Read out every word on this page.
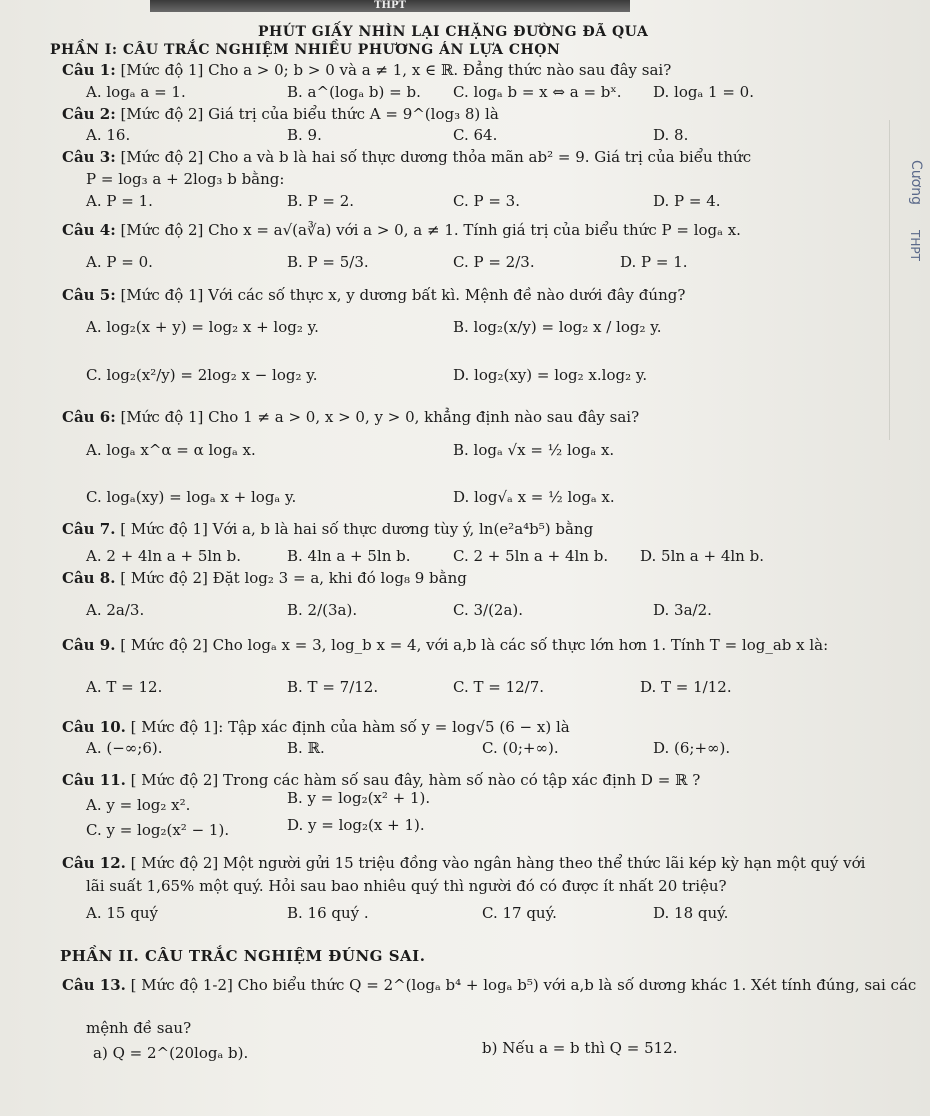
THPT
PHÚT GIẤY NHÌN LẠI CHẶNG ĐƯỜNG ĐÃ QUA
PHẦN I: CÂU TRẮC NGHIỆM NHIỀU PHƯƠNG ÁN LỰA CHỌN
Câu 1: [Mức độ 1] Cho a > 0; b > 0 và a ≠ 1, x ∈ ℝ. Đẳng thức nào sau đây sai?
A. logₐ a = 1.	B. a^(logₐ b) = b. C. logₐ b = x ⇔ a = bˣ. D. logₐ 1 = 0.
Câu 2: [Mức độ 2] Giá trị của biểu thức A = 9^(log₃ 8) là
A. 16.	B. 9.	C. 64.	D. 8.
Câu 3: [Mức độ 2] Cho a và b là hai số thực dương thỏa mãn ab² = 9. Giá trị của biểu thức
P = log₃ a + 2log₃ b bằng:
A. P = 1.	B. P = 2.	C. P = 3.	D. P = 4.
Câu 4: [Mức độ 2] Cho x = a√(a∛a) với a > 0, a ≠ 1. Tính giá trị của biểu thức P = logₐ x.
A. P = 0.	B. P = 5/3.	C. P = 2/3.	D. P = 1.
Câu 5: [Mức độ 1] Với các số thực x, y dương bất kì. Mệnh đề nào dưới đây đúng?
A. log₂(x + y) = log₂ x + log₂ y.	B. log₂(x/y) = log₂ x / log₂ y.
C. log₂(x²/y) = 2log₂ x − log₂ y.	D. log₂(xy) = log₂ x.log₂ y.
Câu 6: [Mức độ 1] Cho 1 ≠ a > 0, x > 0, y > 0, khẳng định nào sau đây sai?
A. logₐ x^α = α logₐ x.	B. logₐ √x = ½ logₐ x.
C. logₐ(xy) = logₐ x + logₐ y.	D. log√ₐ x = ½ logₐ x.
Câu 7. [ Mức độ 1] Với a, b là hai số thực dương tùy ý, ln(e²a⁴b⁵) bằng
A. 2 + 4ln a + 5ln b.	B. 4ln a + 5ln b.	C. 2 + 5ln a + 4ln b. D. 5ln a + 4ln b.
Câu 8. [ Mức độ 2] Đặt log₂ 3 = a, khi đó log₈ 9 bằng
A. 2a/3.	B. 2/(3a).	C. 3/(2a).	D. 3a/2.
Câu 9. [ Mức độ 2] Cho logₐ x = 3, log_b x = 4, với a,b là các số thực lớn hơn 1. Tính T = log_ab x là:
A. T = 12.	B. T = 7/12.	C. T = 12/7.	D. T = 1/12.
Câu 10. [ Mức độ 1]: Tập xác định của hàm số y = log√5 (6 − x) là
A. (−∞;6).	B. ℝ.	C. (0;+∞).	D. (6;+∞).
Câu 11. [ Mức độ 2] Trong các hàm số sau đây, hàm số nào có tập xác định D = ℝ ?
A. y = log₂ x².	B. y = log₂(x² + 1).
C. y = log₂(x² − 1).	D. y = log₂(x + 1).
Câu 12. [ Mức độ 2] Một người gửi 15 triệu đồng vào ngân hàng theo thể thức lãi kép kỳ hạn một quý với
lãi suất 1,65% một quý. Hỏi sau bao nhiêu quý thì người đó có được ít nhất 20 triệu?
A. 15 quý	B. 16 quý .	C. 17 quý.	D. 18 quý.
PHẦN II. CÂU TRẮC NGHIỆM ĐÚNG SAI.
Câu 13. [ Mức độ 1-2] Cho biểu thức Q = 2^(logₐ b⁴ + logₐ b⁵) với a,b là số dương khác 1. Xét tính đúng, sai các
mệnh đề sau?
a) Q = 2^(20logₐ b).	b) Nếu a = b thì Q = 512.
Cương
THPT
